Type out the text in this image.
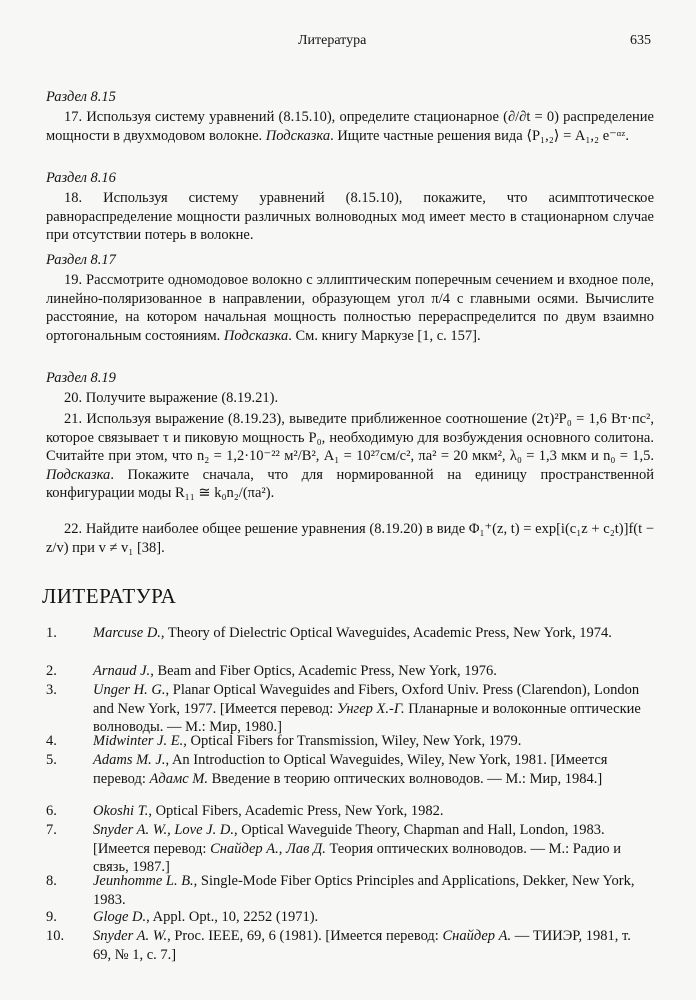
Литература	635
Раздел 8.15

17. Используя систему уравнений (8.15.10), определите стационарное (∂/∂t = 0) распределение мощности в двухмодовом волокне. Подсказка. Ищите частные решения вида ⟨P₁,₂⟩ = A₁,₂ e⁻ᵅᶻ.

Раздел 8.16

18. Используя систему уравнений (8.15.10), покажите, что асимптотическое равнораспределение мощности различных волноводных мод имеет место в стационарном случае при отсутствии потерь в волокне.

Раздел 8.17

19. Рассмотрите одномодовое волокно с эллиптическим поперечным сечением и входное поле, линейно-поляризованное в направлении, образующем угол π/4 с главными осями. Вычислите расстояние, на котором начальная мощность полностью перераспределится по двум взаимно ортогональным состояниям. Подсказка. См. книгу Маркузе [1, с. 157].

Раздел 8.19

20. Получите выражение (8.19.21).

21. Используя выражение (8.19.23), выведите приближенное соотношение (2τ)²P₀ = 1,6 Вт·пс², которое связывает τ и пиковую мощность P₀, необходимую для возбуждения основного солитона. Считайте при этом, что n₂ = 1,2·10⁻²² м²/В², A₁ = 10²⁷см/c², πa² = 20 мкм², λ₀ = 1,3 мкм и n₀ = 1,5. Подсказка. Покажите сначала, что для нормированной на единицу пространственной конфигурации моды R₁₁ ≅ k₀n₂/(πa²).

22. Найдите наиболее общее решение уравнения (8.19.20) в виде Φ₁⁺(z, t) = exp[i(c₁z + c₂t)]f(t − z/v) при v ≠ v₁ [38].

ЛИТЕРАТУРА
1.	Marcuse D., Theory of Dielectric Optical Waveguides, Academic Press, New York, 1974.
2.	Arnaud J., Beam and Fiber Optics, Academic Press, New York, 1976.
3.	Unger H. G., Planar Optical Waveguides and Fibers, Oxford Univ. Press (Clarendon), London and New York, 1977. [Имеется перевод: Унгер Х.-Г. Планарные и волоконные оптические волноводы. — М.: Мир, 1980.]
4.	Midwinter J. E., Optical Fibers for Transmission, Wiley, New York, 1979.
5.	Adams M. J., An Introduction to Optical Waveguides, Wiley, New York, 1981. [Имеется перевод: Адамс М. Введение в теорию оптических волноводов. — М.: Мир, 1984.]
6.	Okoshi T., Optical Fibers, Academic Press, New York, 1982.
7.	Snyder A. W., Love J. D., Optical Waveguide Theory, Chapman and Hall, London, 1983. [Имеется перевод: Снайдер А., Лав Д. Теория оптических волноводов. — М.: Радио и связь, 1987.]
8.	Jeunhomme L. B., Single-Mode Fiber Optics Principles and Applications, Dekker, New York, 1983.
9.	Gloge D., Appl. Opt., 10, 2252 (1971).
10.	Snyder A. W., Proc. IEEE, 69, 6 (1981). [Имеется перевод: Снайдер А. — ТИИЭР, 1981, т. 69, № 1, с. 7.]
